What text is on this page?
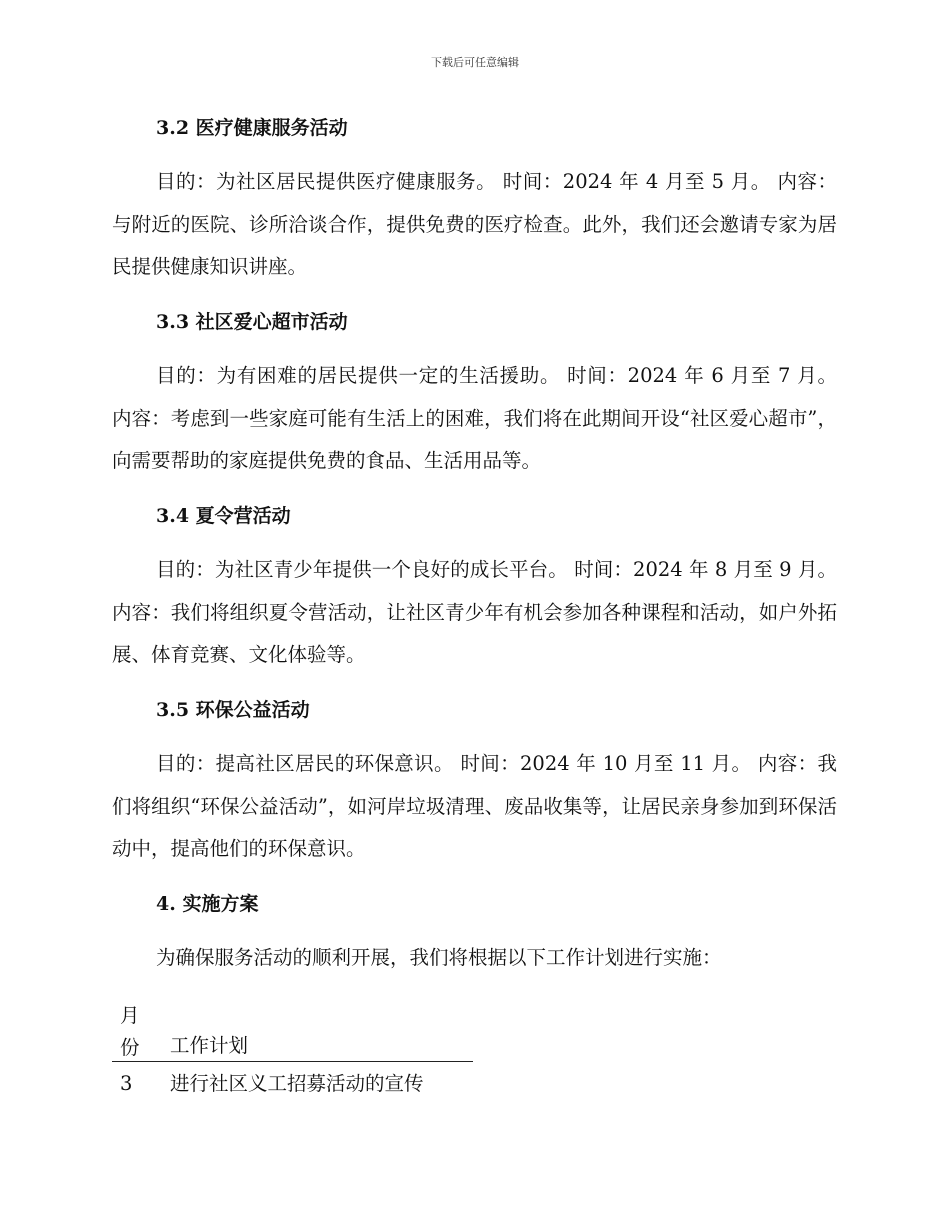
下载后可任意编辑
3.2 医疗健康服务活动
目的：为社区居民提供医疗健康服务。 时间：2024 年 4 月至 5 月。 内容：与附近的医院、诊所洽谈合作，提供免费的医疗检查。此外，我们还会邀请专家为居民提供健康知识讲座。
3.3 社区爱心超市活动
目的：为有困难的居民提供一定的生活援助。 时间：2024 年 6 月至 7 月。 内容：考虑到一些家庭可能有生活上的困难，我们将在此期间开设“社区爱心超市”，向需要帮助的家庭提供免费的食品、生活用品等。
3.4 夏令营活动
目的：为社区青少年提供一个良好的成长平台。 时间：2024 年 8 月至 9 月。 内容：我们将组织夏令营活动，让社区青少年有机会参加各种课程和活动，如户外拓展、体育竞赛、文化体验等。
3.5 环保公益活动
目的：提高社区居民的环保意识。 时间：2024 年 10 月至 11 月。 内容：我们将组织“环保公益活动”，如河岸垃圾清理、废品收集等，让居民亲身参加到环保活动中，提高他们的环保意识。
4. 实施方案
为确保服务活动的顺利开展，我们将根据以下工作计划进行实施：
月份 工作计划
3 进行社区义工招募活动的宣传
